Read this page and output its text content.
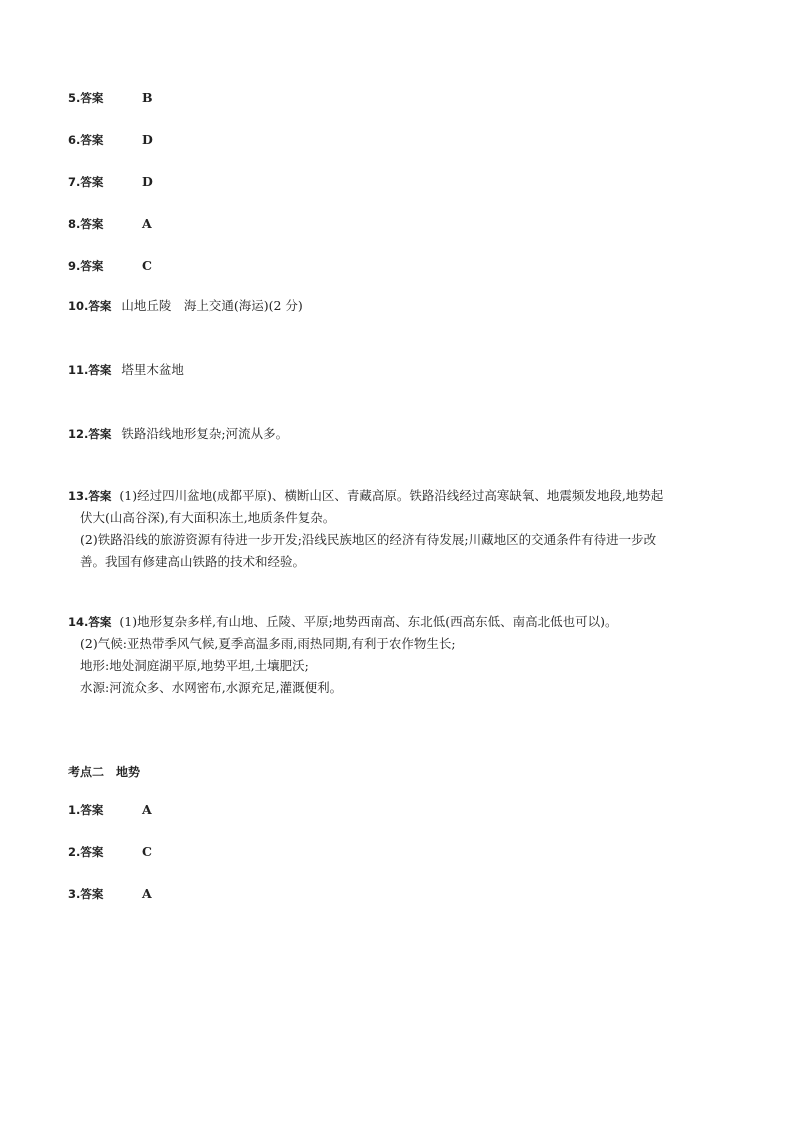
5.答案	B
6.答案	D
7.答案	D
8.答案	A
9.答案	C
10.答案 山地丘陵　海上交通(海运)(2 分)
11.答案 塔里木盆地
12.答案 铁路沿线地形复杂;河流从多。
13.答案 (1)经过四川盆地(成都平原)、横断山区、青藏高原。铁路沿线经过高寒缺氧、地震频发地段,地势起伏大(山高谷深),有大面积冻土,地质条件复杂。
(2)铁路沿线的旅游资源有待进一步开发;沿线民族地区的经济有待发展;川藏地区的交通条件有待进一步改善。我国有修建高山铁路的技术和经验。
14.答案 (1)地形复杂多样,有山地、丘陵、平原;地势西南高、东北低(西高东低、南高北低也可以)。
(2)气候:亚热带季风气候,夏季高温多雨,雨热同期,有利于农作物生长;
地形:地处洞庭湖平原,地势平坦,土壤肥沃;
水源:河流众多、水网密布,水源充足,灌溉便利。
考点二　地势
1.答案	A
2.答案	C
3.答案	A
